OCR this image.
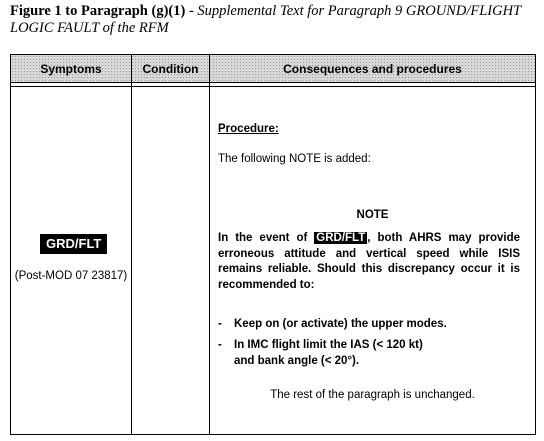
Figure 1 to Paragraph (g)(1) - Supplemental Text for Paragraph 9 GROUND/FLIGHT LOGIC FAULT of the RFM
Symptoms	Condition	Consequences and procedures
GRD/FLT
(Post-MOD 07 23817)
Procedure:
The following NOTE is added:
NOTE
In the event of GRD/FLT , both AHRS may provide erroneous attitude and vertical speed while ISIS remains reliable. Should this discrepancy occur it is recommended to:
- Keep on (or activate) the upper modes.
- In IMC flight limit the IAS (< 120 kt)
and bank angle (< 20°).
The rest of the paragraph is unchanged.
